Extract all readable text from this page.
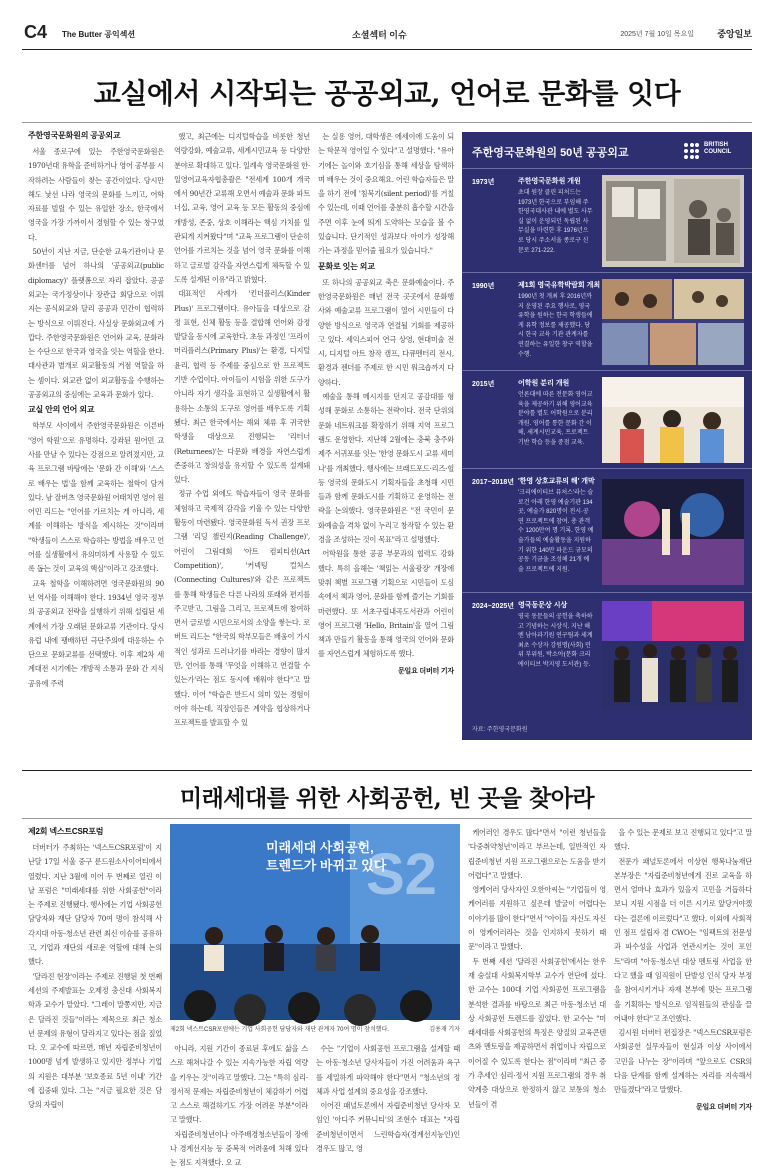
C4 The Butter 공익섹션	소셜섹터 이슈	2025년 7월 10일 목요일	중앙일보
교실에서 시작되는 공공외교, 언어로 문화를 잇다
주한영국문화원의 공공외교

서울 종로구에 있는 주한영국문화원은 1970년대 유학을 준비하거나 영어 공부를 시작하려는 사람들이 찾는 공간이었다. 당시만 해도 낯선 나라 영국의 문화를 느끼고, 어학 자료를 빌릴 수 있는 유일한 장소, 한국에서 영국을 가장 가까이서 경험할 수 있는 창구였다.

50년이 지난 지금, 단순한 교육기관이나 문화센터를 넘어 하나의 '공공외교(public diplomacy)' 플랫폼으로 자리 잡았다. 공공외교는 국가정상이나 장관급 회담으로 이뤄지는 공식외교와 달리 공공과 민간이 협력하는 방식으로 이뤄진다. 사실상 문화외교에 가깝다. 주한영국문화원은 언어와 교육, 문화라는 수단으로 한국과 영국을 잇는 역할을 한다. 대사관과 별개로 외교활동의 거점 역할을 하는 셈이다. 외교관 없이 외교활동을 수행하는 공공외교의 중심에는 교육과 문화가 있다.

교실 안의 언어 외교

학부모 사이에서 주한영국문화원은 이른바 '영어 학원'으로 유명하다. 강좌된 원어민 교사를 만날 수 있다는 강점으로 알려졌지만, 교육 프로그램 바탕에는 '문화 간 이해'와 '스스로 배우는 법'을 함께 교육하는 철학이 담겨 있다. 남 잘버츠 영국문화원 어태치먼 영어 원어민 리드는 "언어를 가르치는 게 아니라, 세계를 이해하는 방식을 제시하는 것"이라며 "학생들이 스스로 학습하는 방법을 배우고 언어를 실생활에서 유의미하게 사용할 수 있도록 돕는 것이 교육의 핵심"이라고 강조했다.

교육 철학을 이해하려면 영국문화원의 90년 역사를 이해해야 한다. 1934년 영국 정부의 공공외교 전략을 실행하기 위해 설립된 세계에서 가장 오래된 문화교류 기관이다. 당시 유럽 내에 팽배하던 극단주의에 대응하는 수단으로 문화교류를 선택했다. 이후 제2차 세계대전 시기에는 개방적 소통과 문화 간 지식 공유에 주력

했고, 최근에는 디지털학습을 비롯한 청년역량강화, 예술교류, 세계시민교육 등 다양한 분야로 확대하고 있다. 일례속 영국문화원 한·일영어교육자협총괄은 "전세계 100개 개국에서 90년간 교류해 오면서 예술과 문화 파트너십, 교육, 영어 교육 등 모든 활동의 중심에 개방성, 존중, 상호 이해라는 핵심 가치를 일관되게 지켜왔다"며 "교육 프로그램이 단순히 언어를 가르치는 것을 넘어 영국 문화를 이해하고 글로벌 감각을 자연스럽게 체득할 수 있도록 설계된 이유"라고 밝혔다.

대표적인 사례가 '킨더플러스(Kinder Plus)' 프로그램이다. 유아들을 대상으로 감정 표현, 신체 활동 등을 결합해 언어와 감정 발달을 동시에 교육한다. 초등 과정인 '프라이머리플러스(Primary Plus)'는 환경, 디지털 윤리, 협력 등 주제를 중심으로 한 프로젝트 기반 수업이다. 아이들이 시험을 위한 도구가 아니라 자기 생각을 표현하고 실생활에서 활용하는 소통의 도구로 영어를 배우도록 기획됐다. 최근 한국에서는 해외 체류 후 귀국한 학생을 대상으로 진행되는 '리터너(Returnees)'는 다문화 배경을 자연스럽게 존중하고 창의성을 유지할 수 있도록 설계돼 있다.

정규 수업 외에도 학습자들이 영국 문화를 체험하고 국제적 감각을 키울 수 있는 다양한 활동이 마련됐다. 영국문화원 독서 권장 프로그램 '리딩 챌린지(Reading Challenge)', 어린이 그림대회 '아트 컴피티션(Art Competition)', '커넥팅 컬처스(Connecting Cultures)'와 같은 프로젝트를 통해 학생들은 다른 나라의 또래와 편지를 주고받고, 그림을 그리고, 프로젝트에 참여하면서 글로벌 시민으로서의 소양을 쌓는다. 로버트 리드는 "한국의 학부모들은 배움이 가시적인 성과로 드러나기를 바라는 경향이 많지만, 언어를 통해 '무엇을 이해하고 연결할 수 있는가'라는 점도 동시에 배워야 한다"고 말했다. 이어 "학습은 반드시 의미 있는 경험이어야 하는데, 직장인들은 계약을 협상하거나 프로젝트를 발표할 수 있

는 실용 영어, 대학생은 에세이에 도움이 되는 학문적 영어일 수 있다"고 설명했다. "유아기에는 놀이와 호기심을 통해 세상을 탐색하며 배우는 것이 중요해요. 어린 학습자들은 말을 하기 전에 '침묵기(silent period)'를 거칠 수 있는데, 이때 언어를 충분히 흡수할 시간을 주면 이후 눈에 띄게 도약하는 모습을 볼 수 있습니다. 단기적인 성과보다 아이가 성장해가는 과정을 믿어줄 필요가 있습니다."

문화로 잇는 외교

또 하나의 공공외교 축은 문화예술이다. 주한영국문화원은 매년 전국 곳곳에서 문화행사와 예술교류 프로그램이 열어 시민들이 다양한 방식으로 영국과 연결될 기회를 제공하고 있다. 세익스피어 연극 상영, 현대미술 전시, 디지털 아트 창작 캠프, 다큐멘터리 전시, 환경과 젠더를 주제로 한 시민 워크숍까지 다양하다.

예술을 통해 메시지를 던지고 공감대를 형성해 문화로 소통하는 전략이다. 전국 단위의 문화 네트워크를 확장하기 위해 지역 프로그램도 운영한다. 지난해 2월에는 충북 충주와 제주 서귀포를 잇는 '한영 문화도시 교류 세미나'를 개최했다. 행사에는 브래드포드·리즈·헐 등 영국의 문화도시 기획자들을 초청해 시민들과 함께 문화도시를 기획하고 운영하는 전략을 논의했다. 영국문화원은 "전 국민이 문화예술을 격차 없이 누리고 창작할 수 있는 환경을 조성하는 것이 목표"라고 설명했다.

어학원을 통한 공공 부문과의 협력도 강화했다. 특히 올해는 '책읽는 서울광장' 개장에 맞춰 책별 프로그램 기획으로 시민들이 도심 속에서 책과 영어, 문화를 함께 즐기는 기회를 마련했다. 또 서초구립내곡도서관과 어린이 영어 프로그램 'Hello, Britain'을 열어 그림책과 만들기 활동을 통해 영국의 언어와 문화를 자연스럽게 체험하도록 했다.

문일요 더버터 기자
주한영국문화원의 50년 공공외교
BRITISH COUNCIL
1973년	주한영국문화원 개원
초대 원장 클린 피처드는 1973년 한국으로 부임해 주한영국대사관 내에 별도 사무실 없이 운영되던 독립된 사무실을 마련한 후 1976년으로 당시 주소서울 종로구 신문로 271-222.
1990년	제1회 영국유학박람회 개최
1990년 첫 개최 후 2016년까지 운영된 주요 행사로, 영국 유학을 원하는 한국 학생들에게 유학 정보를 제공했다. 당시 한국 교육 기관 관계자를 연결하는 유일한 창구 역할을 수행.
2015년	어학원 분리 개원
언론대에 따른 전문화 영어교육을 제공하기 위해 영어교육 분야를 별도 어학원으로 분리 개원. 영어를 통한 문화 간 이해, 세계시민교육, 프로젝트 기반 학습 등을 중점 교육.
2017~2018년 '한영 상호교류의 해' 개막
'크리에이티브 퓨처스'라는 슬로건 아래 한영 예술기관 134곳, 예술가 820명이 전시·공연 프로젝트에 참여. 총 관객수 1200만여 명 기록. 한영 예술가들의 예술활동을 지원하기 위한 140만 파운드 규모의 공동 기금을 조성해 21개 예술 프로젝트에 지원.
2024~2025년 영국동문상 시상
영국 동문들의 공헌을 축하하고 기념하는 시상식. 지난 해엔 남아과기원 연구팀과 세계 최초 수상자 강원명(사회) 민위 부위원, 박소아(문화 크리에이티브 박지영 도서관) 등.
자료: 주한영국문화원
미래세대를 위한 사회공헌, 빈 곳을 찾아라
제2회 넥스트CSR포럼

더버터가 주최하는 '넥스트CSR포럼'이 지난달 17일 서울 중구 룬드원소사이어티에서 열렸다. 지난 3월에 이어 두 번째로 열린 이날 포럼은 "미래세대를 위한 사회공헌"이라는 주제로 진행됐다. 행사에는 기업 사회공헌 담당자와 재단 담당자 70여 명이 참석해 사각지대 아동·청소년 관련 최신 이슈를 공유하고, 기업과 재단의 새로운 역할에 대해 논의했다.

'달라진 현장'이라는 주제로 진행된 첫 번째 세션의 주제발표는 오제정 충신대 사회복지학과 교수가 맡았다. "그레이 말쫑지만, 지금은 달라진 것들"이라는 제목으로 최근 청소년 문제의 유형이 달라지고 있다는 점을 짚었다. 오 교수에 따르면, 매년 자립준비청년이 1000명 넘게 발생하고 있지만 정부나 기업의 지원은 대부분 '보호종료 5년 이내' 기간에 집중돼 있다. 그는 "지금 필요한 것은 담당의 자립이

S2
미래세대 사회공헌,
트렌드가 바뀌고 있다
제2회 넥스트CSR포럼에는 기업 사회공헌 담당자와 재단 관계자 70여 명이 참석했다.	김용재 기자

아니라, 지원 기간이 종료된 후에도 삶을 스스로 해쳐나갈 수 있는 지속가능한 자립 역량을 키우는 것"이라고 말했다. 그는 "특히 심리·정서적 문제는 자립준비청년이 체감하기 어렵고 스스로 해결하기도 가장 어려운 부분"이라고 말했다.

자립준비청년이나 아주배경청소년들이 장애나 경계선지능 등 중복적 어려움에 처해 있다는 점도 지적했다. 오 교

수는 "기업이 사회공헌 프로그램을 설계할 때는 아동·청소년 당사자들이 가진 어려움과 욕구를 세밀하게 파악해야 한다"면서 "청소년의 정체과 사업 설계의 중요성을 강조했다.

이어진 패널토론에서 자립준비청년 당사자 모임인 '아디주 커뮤니티'의 조현수 대표는 "자립준비청년이면서 느린학습자(경계선지능인)인 경우도 많고, 영

케어러인 경우도 많다"면서 "이런 청년들을 '다중취약청년'이라고 부르는데, 일반적인 자립준비청년 지원 프로그램으로는 도움을 받기 어렵다"고 말했다.

영케어러 당사자인 오한아씨는 "기업들이 영케어러를 지원하고 싶은데 발굴이 어렵다는 이야기를 많이 한다"면서 "아이들 자신도 자신이 영케어러라는 것을 인지하지 못하기 때문"이라고 말했다.

두 번째 세션 '달라진 사회공헌'에서는 한우재 숭실대 사회복지학부 교수가 연단에 섰다. 한 교수는 100대 기업 사회공헌 프로그램을 분석한 결과를 바탕으로 최근 아동·청소년 대상 사회공헌 트렌드를 짚었다. 한 교수는 "미래세대를 사회공헌의 특징은 양질의 교육콘텐츠와 멘토링을 제공하면서 취업이나 자립으로 이어질 수 있도록 한다는 점"이라며 "최근 증가 추세인 심리·정서 지원 프로그램의 경우 취약계층 대상으로 한정하지 않고 보통의 청소년들이 겪

을 수 있는 문제로 보고 진행되고 있다"고 말했다.

전문가 패널토론에서 이상현 행복나눔재단 본부장은 "자립준비청년에게 진로 교육을 하면서 얼마나 효과가 있을지 고민을 거듭하다 보니 지원 시점을 더 이른 시기로 앞당겨야겠다는 결론에 이르렀다"고 했다. 이외에 사회적인 점프 설립자 겸 CWO는 "임팩트의 전문성과 파수성을 사업과 연관시키는 것이 포인트"라며 "아동·청소년 대상 멘토링 사업을 한다고 했을 때 임직원이 단발성 인식 당자 부정을 참여시키거나 자재 본부에 맞는 프로그램을 기획하는 방식으로 임직원들의 관심을 끌어내야 한다"고 조언했다.

김시원 더버터 편집장은 "넥스트CSR포럼은 사회공헌 실무자들이 현실과 이상 사이에서 고민을 나누는 장"이라며 "앞으로도 CSR의 다음 단계를 함께 설계하는 자리를 지속해서 만들겠다"라고 말했다.

문일요 더버터 기자
